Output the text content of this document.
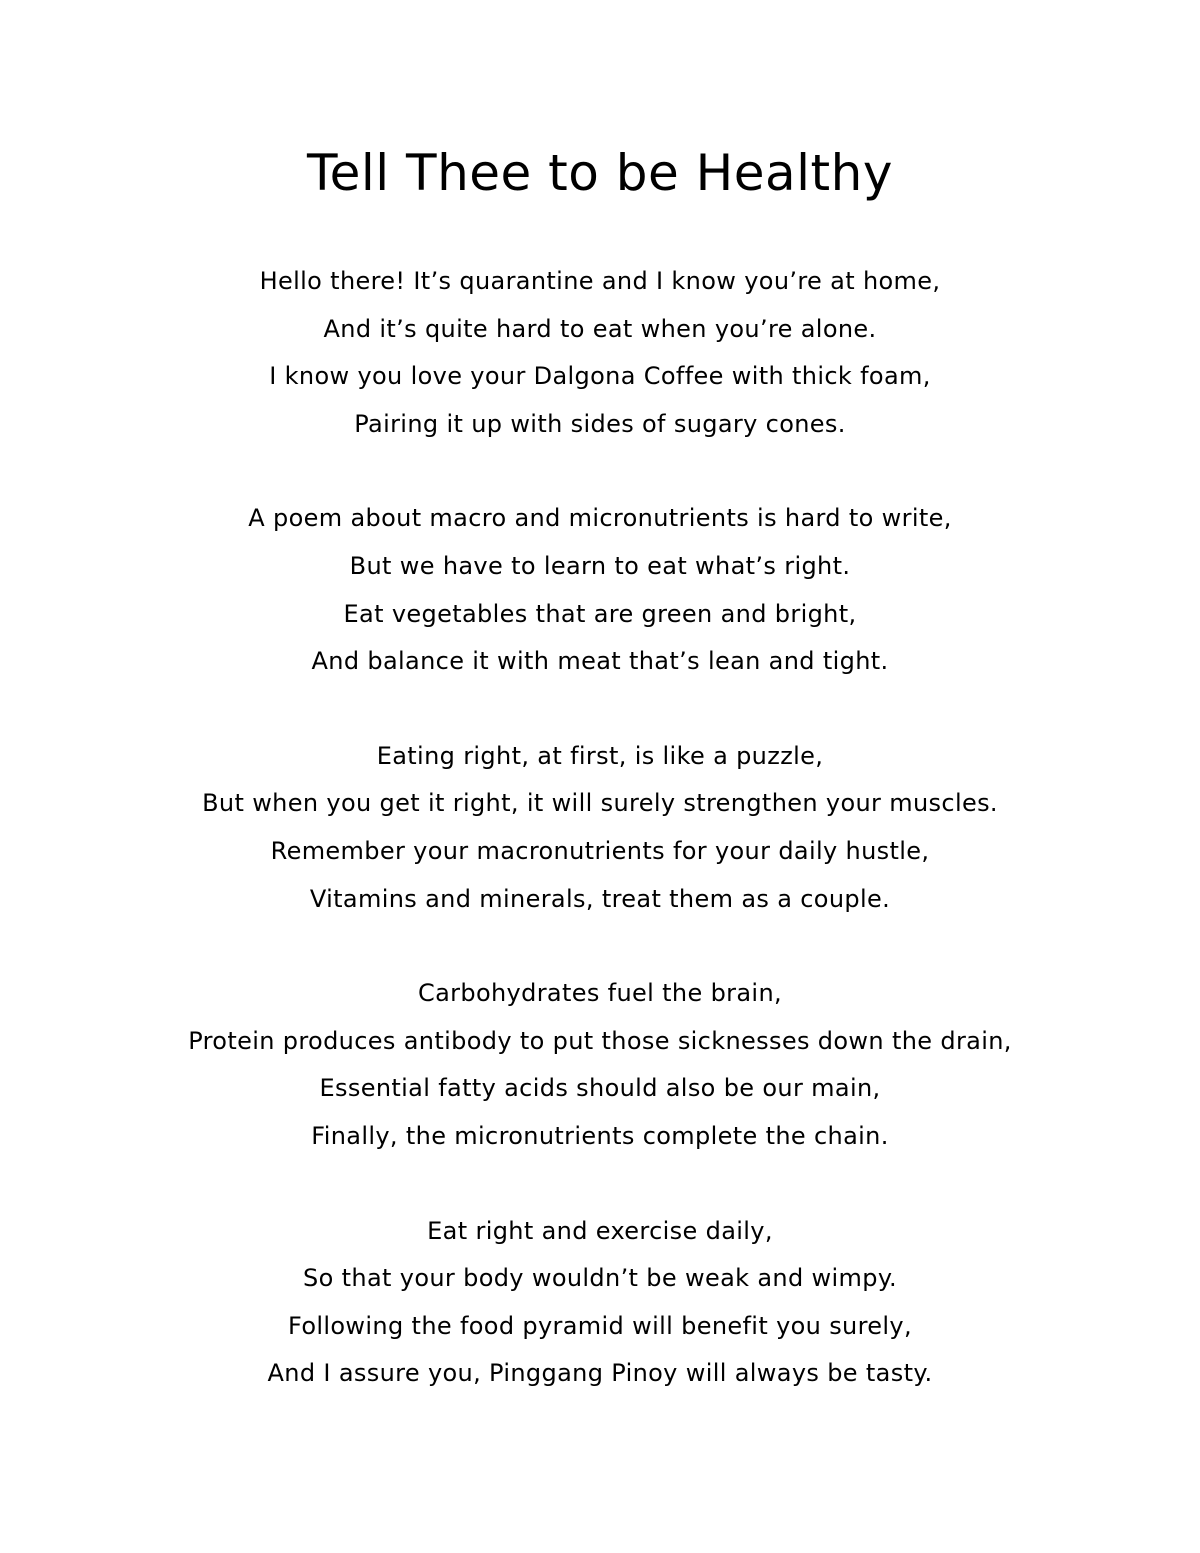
Tell Thee to be Healthy
Hello there! It’s quarantine and I know you’re at home,
And it’s quite hard to eat when you’re alone.
I know you love your Dalgona Coffee with thick foam,
Pairing it up with sides of sugary cones.
A poem about macro and micronutrients is hard to write,
But we have to learn to eat what’s right.
Eat vegetables that are green and bright,
And balance it with meat that’s lean and tight.
Eating right, at first, is like a puzzle,
But when you get it right, it will surely strengthen your muscles.
Remember your macronutrients for your daily hustle,
Vitamins and minerals, treat them as a couple.
Carbohydrates fuel the brain,
Protein produces antibody to put those sicknesses down the drain,
Essential fatty acids should also be our main,
Finally, the micronutrients complete the chain.
Eat right and exercise daily,
So that your body wouldn’t be weak and wimpy.
Following the food pyramid will benefit you surely,
And I assure you, Pinggang Pinoy will always be tasty.
